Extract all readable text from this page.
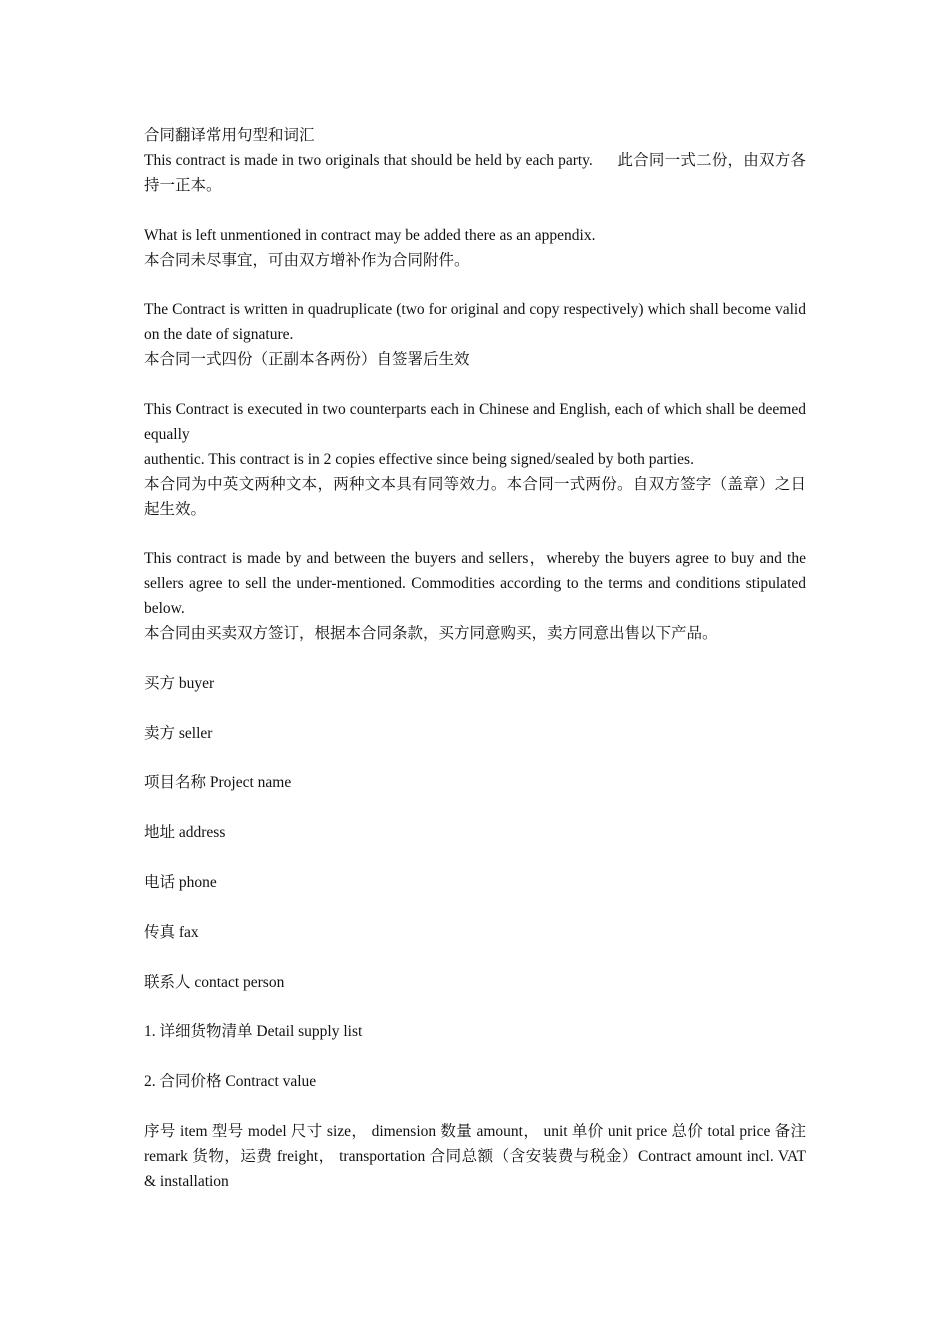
合同翻译常用句型和词汇

This contract is made in two originals that should be held by each party.      此合同一式二份，由双方各持一正本。

What is left unmentioned in contract may be added there as an appendix.

本合同未尽事宜，可由双方增补作为合同附件。

The Contract is written in quadruplicate (two for original and copy respectively) which shall become valid on the date of signature.

本合同一式四份（正副本各两份）自签署后生效

This Contract is executed in two counterparts each in Chinese and English, each of which shall be deemed equally

authentic. This contract is in 2 copies effective since being signed/sealed by both parties.

本合同为中英文两种文本，两种文本具有同等效力。本合同一式两份。自双方签字（盖章）之日起生效。

This contract is made by and between the buyers and sellers，whereby the buyers agree to buy and the sellers agree to sell the under-mentioned. Commodities according to the terms and conditions stipulated below.

本合同由买卖双方签订，根据本合同条款，买方同意购买，卖方同意出售以下产品。

买方 buyer

卖方 seller

项目名称 Project name

地址 address

电话 phone

传真 fax

联系人 contact person

1. 详细货物清单 Detail supply list

2. 合同价格 Contract value

序号 item 型号 model 尺寸 size， dimension 数量 amount， unit 单价 unit price 总价 total price 备注 remark 货物，运费 freight， transportation 合同总额（含安装费与税金）Contract amount incl. VAT & installation
